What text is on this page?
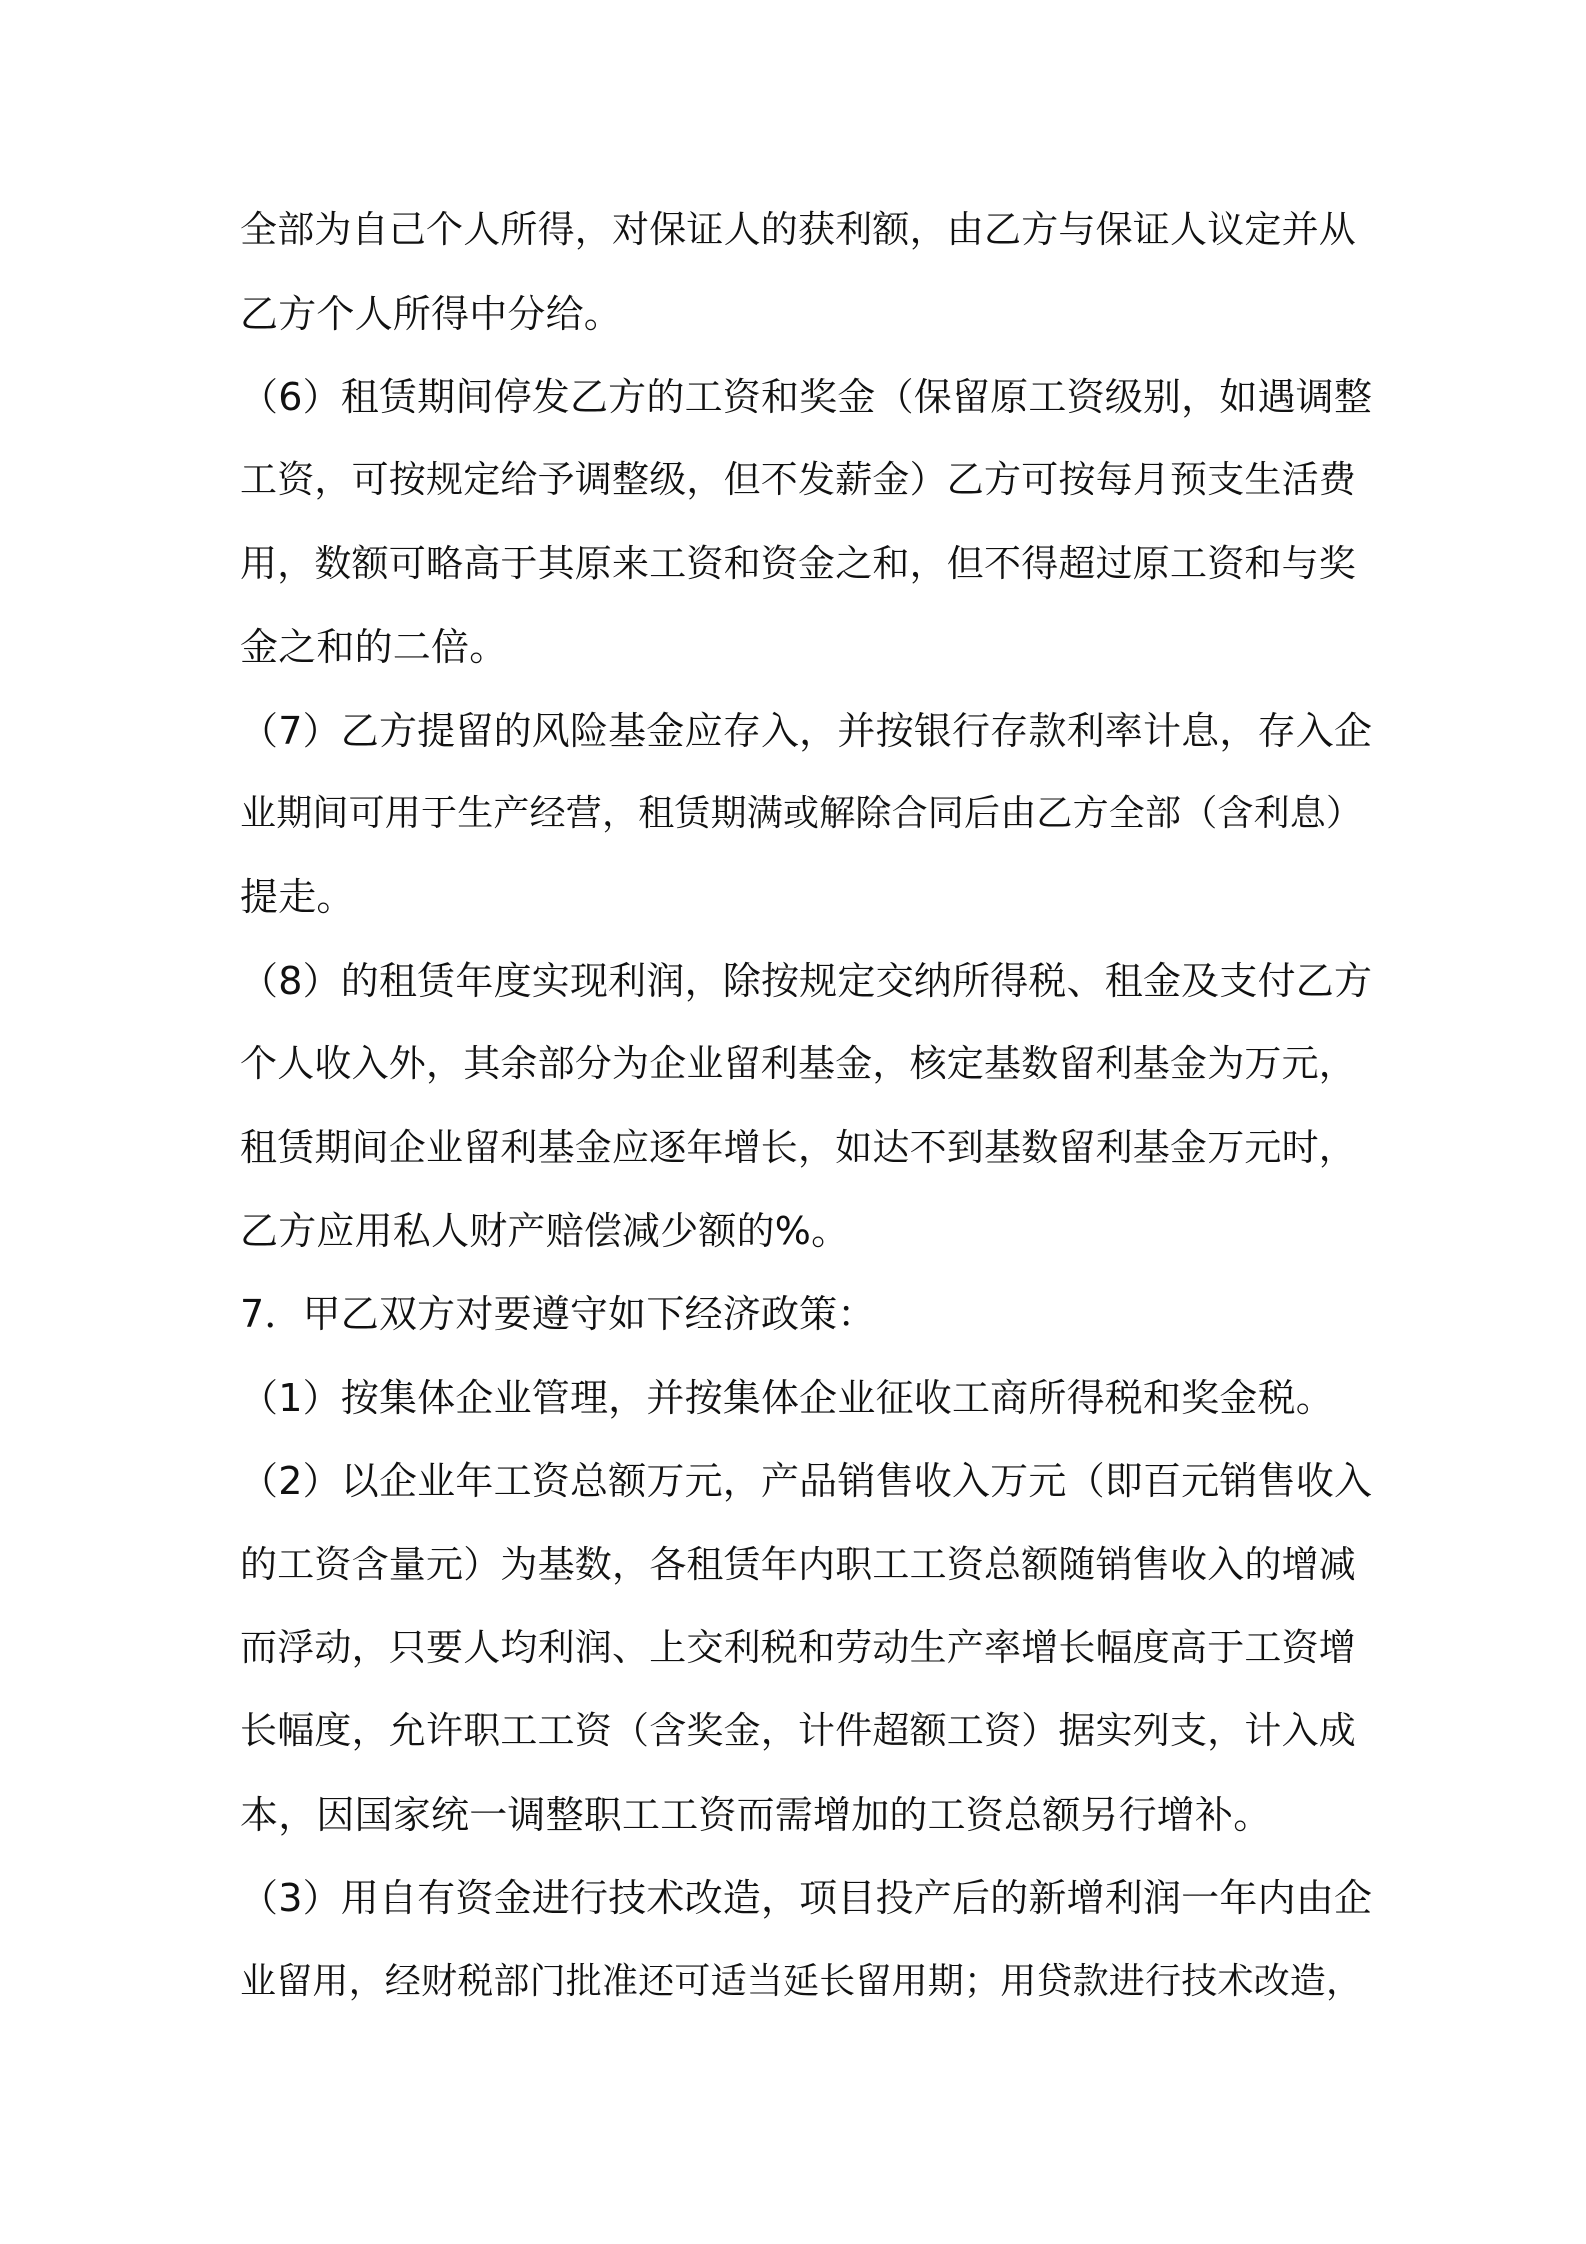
全部为自己个人所得，对保证人的获利额，由乙方与保证人议定并从

乙方个人所得中分给。

（6）租赁期间停发乙方的工资和奖金（保留原工资级别，如遇调整

工资，可按规定给予调整级，但不发薪金）乙方可按每月预支生活费

用，数额可略高于其原来工资和资金之和，但不得超过原工资和与奖

金之和的二倍。

（7）乙方提留的风险基金应存入，并按银行存款利率计息，存入企

业期间可用于生产经营，租赁期满或解除合同后由乙方全部（含利息）

提走。

（8）的租赁年度实现利润，除按规定交纳所得税、租金及支付乙方

个人收入外，其余部分为企业留利基金，核定基数留利基金为万元，

租赁期间企业留利基金应逐年增长，如达不到基数留利基金万元时，

乙方应用私人财产赔偿减少额的%。

7．甲乙双方对要遵守如下经济政策：

（1）按集体企业管理，并按集体企业征收工商所得税和奖金税。

（2）以企业年工资总额万元，产品销售收入万元（即百元销售收入

的工资含量元）为基数，各租赁年内职工工资总额随销售收入的增减

而浮动，只要人均利润、上交利税和劳动生产率增长幅度高于工资增

长幅度，允许职工工资（含奖金，计件超额工资）据实列支，计入成

本，因国家统一调整职工工资而需增加的工资总额另行增补。

（3）用自有资金进行技术改造，项目投产后的新增利润一年内由企

业留用，经财税部门批准还可适当延长留用期；用贷款进行技术改造，
